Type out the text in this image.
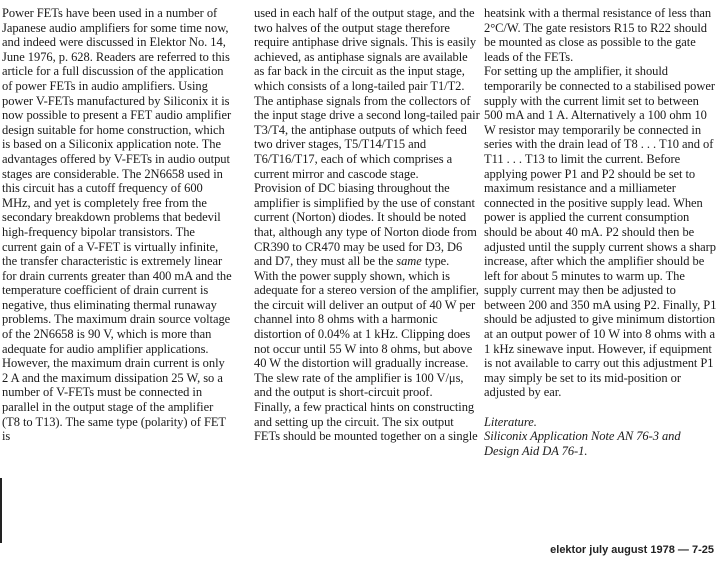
Power FETs have been used in a number of Japanese audio amplifiers for some time now, and indeed were discussed in Elektor No. 14, June 1976, p. 628. Readers are referred to this article for a full discussion of the application of power FETs in audio amplifiers. Using power V-FETs manufactured by Siliconix it is now possible to present a FET audio amplifier design suitable for home construction, which is based on a Siliconix application note. The advantages offered by V-FETs in audio output stages are considerable. The 2N6658 used in this circuit has a cutoff frequency of 600 MHz, and yet is completely free from the secondary breakdown problems that bedevil high-frequency bipolar transistors. The current gain of a V-FET is virtually infinite, the transfer characteristic is extremely linear for drain currents greater than 400 mA and the temperature coefficient of drain current is negative, thus eliminating thermal runaway problems. The maximum drain source voltage of the 2N6658 is 90 V, which is more than adequate for audio amplifier applications.

However, the maximum drain current is only 2 A and the maximum dissipation 25 W, so a number of V-FETs must be connected in parallel in the output stage of the amplifier (T8 to T13). The same type (polarity) of FET is

used in each half of the output stage, and the two halves of the output stage therefore require antiphase drive signals. This is easily achieved, as antiphase signals are available as far back in the circuit as the input stage, which consists of a long-tailed pair T1/T2. The antiphase signals from the collectors of the input stage drive a second long-tailed pair T3/T4, the antiphase outputs of which feed two driver stages, T5/T14/T15 and T6/T16/T17, each of which comprises a current mirror and cascode stage.

Provision of DC biasing throughout the amplifier is simplified by the use of constant current (Norton) diodes. It should be noted that, although any type of Norton diode from CR390 to CR470 may be used for D3, D6 and D7, they must all be the same type.

With the power supply shown, which is adequate for a stereo version of the amplifier, the circuit will deliver an output of 40 W per channel into 8 ohms with a harmonic distortion of 0.04% at 1 kHz. Clipping does not occur until 55 W into 8 ohms, but above 40 W the distortion will gradually increase. The slew rate of the amplifier is 100 V/μs, and the output is short-circuit proof.

Finally, a few practical hints on constructing and setting up the circuit. The six output FETs should be mounted together on a single

heatsink with a thermal resistance of less than 2°C/W. The gate resistors R15 to R22 should be mounted as close as possible to the gate leads of the FETs.

For setting up the amplifier, it should temporarily be connected to a stabilised power supply with the current limit set to between 500 mA and 1 A. Alternatively a 100 ohm 10 W resistor may temporarily be connected in series with the drain lead of T8 . . . T10 and of T11 . . . T13 to limit the current. Before applying power P1 and P2 should be set to maximum resistance and a milliameter connected in the positive supply lead. When power is applied the current consumption should be about 40 mA. P2 should then be adjusted until the supply current shows a sharp increase, after which the amplifier should be left for about 5 minutes to warm up. The supply current may then be adjusted to between 200 and 350 mA using P2. Finally, P1 should be adjusted to give minimum distortion at an output power of 10 W into 8 ohms with a 1 kHz sinewave input. However, if equipment is not available to carry out this adjustment P1 may simply be set to its mid-position or adjusted by ear.

Literature.

Siliconix Application Note AN 76-3 and Design Aid DA 76-1.

elektor july august 1978 — 7-25
